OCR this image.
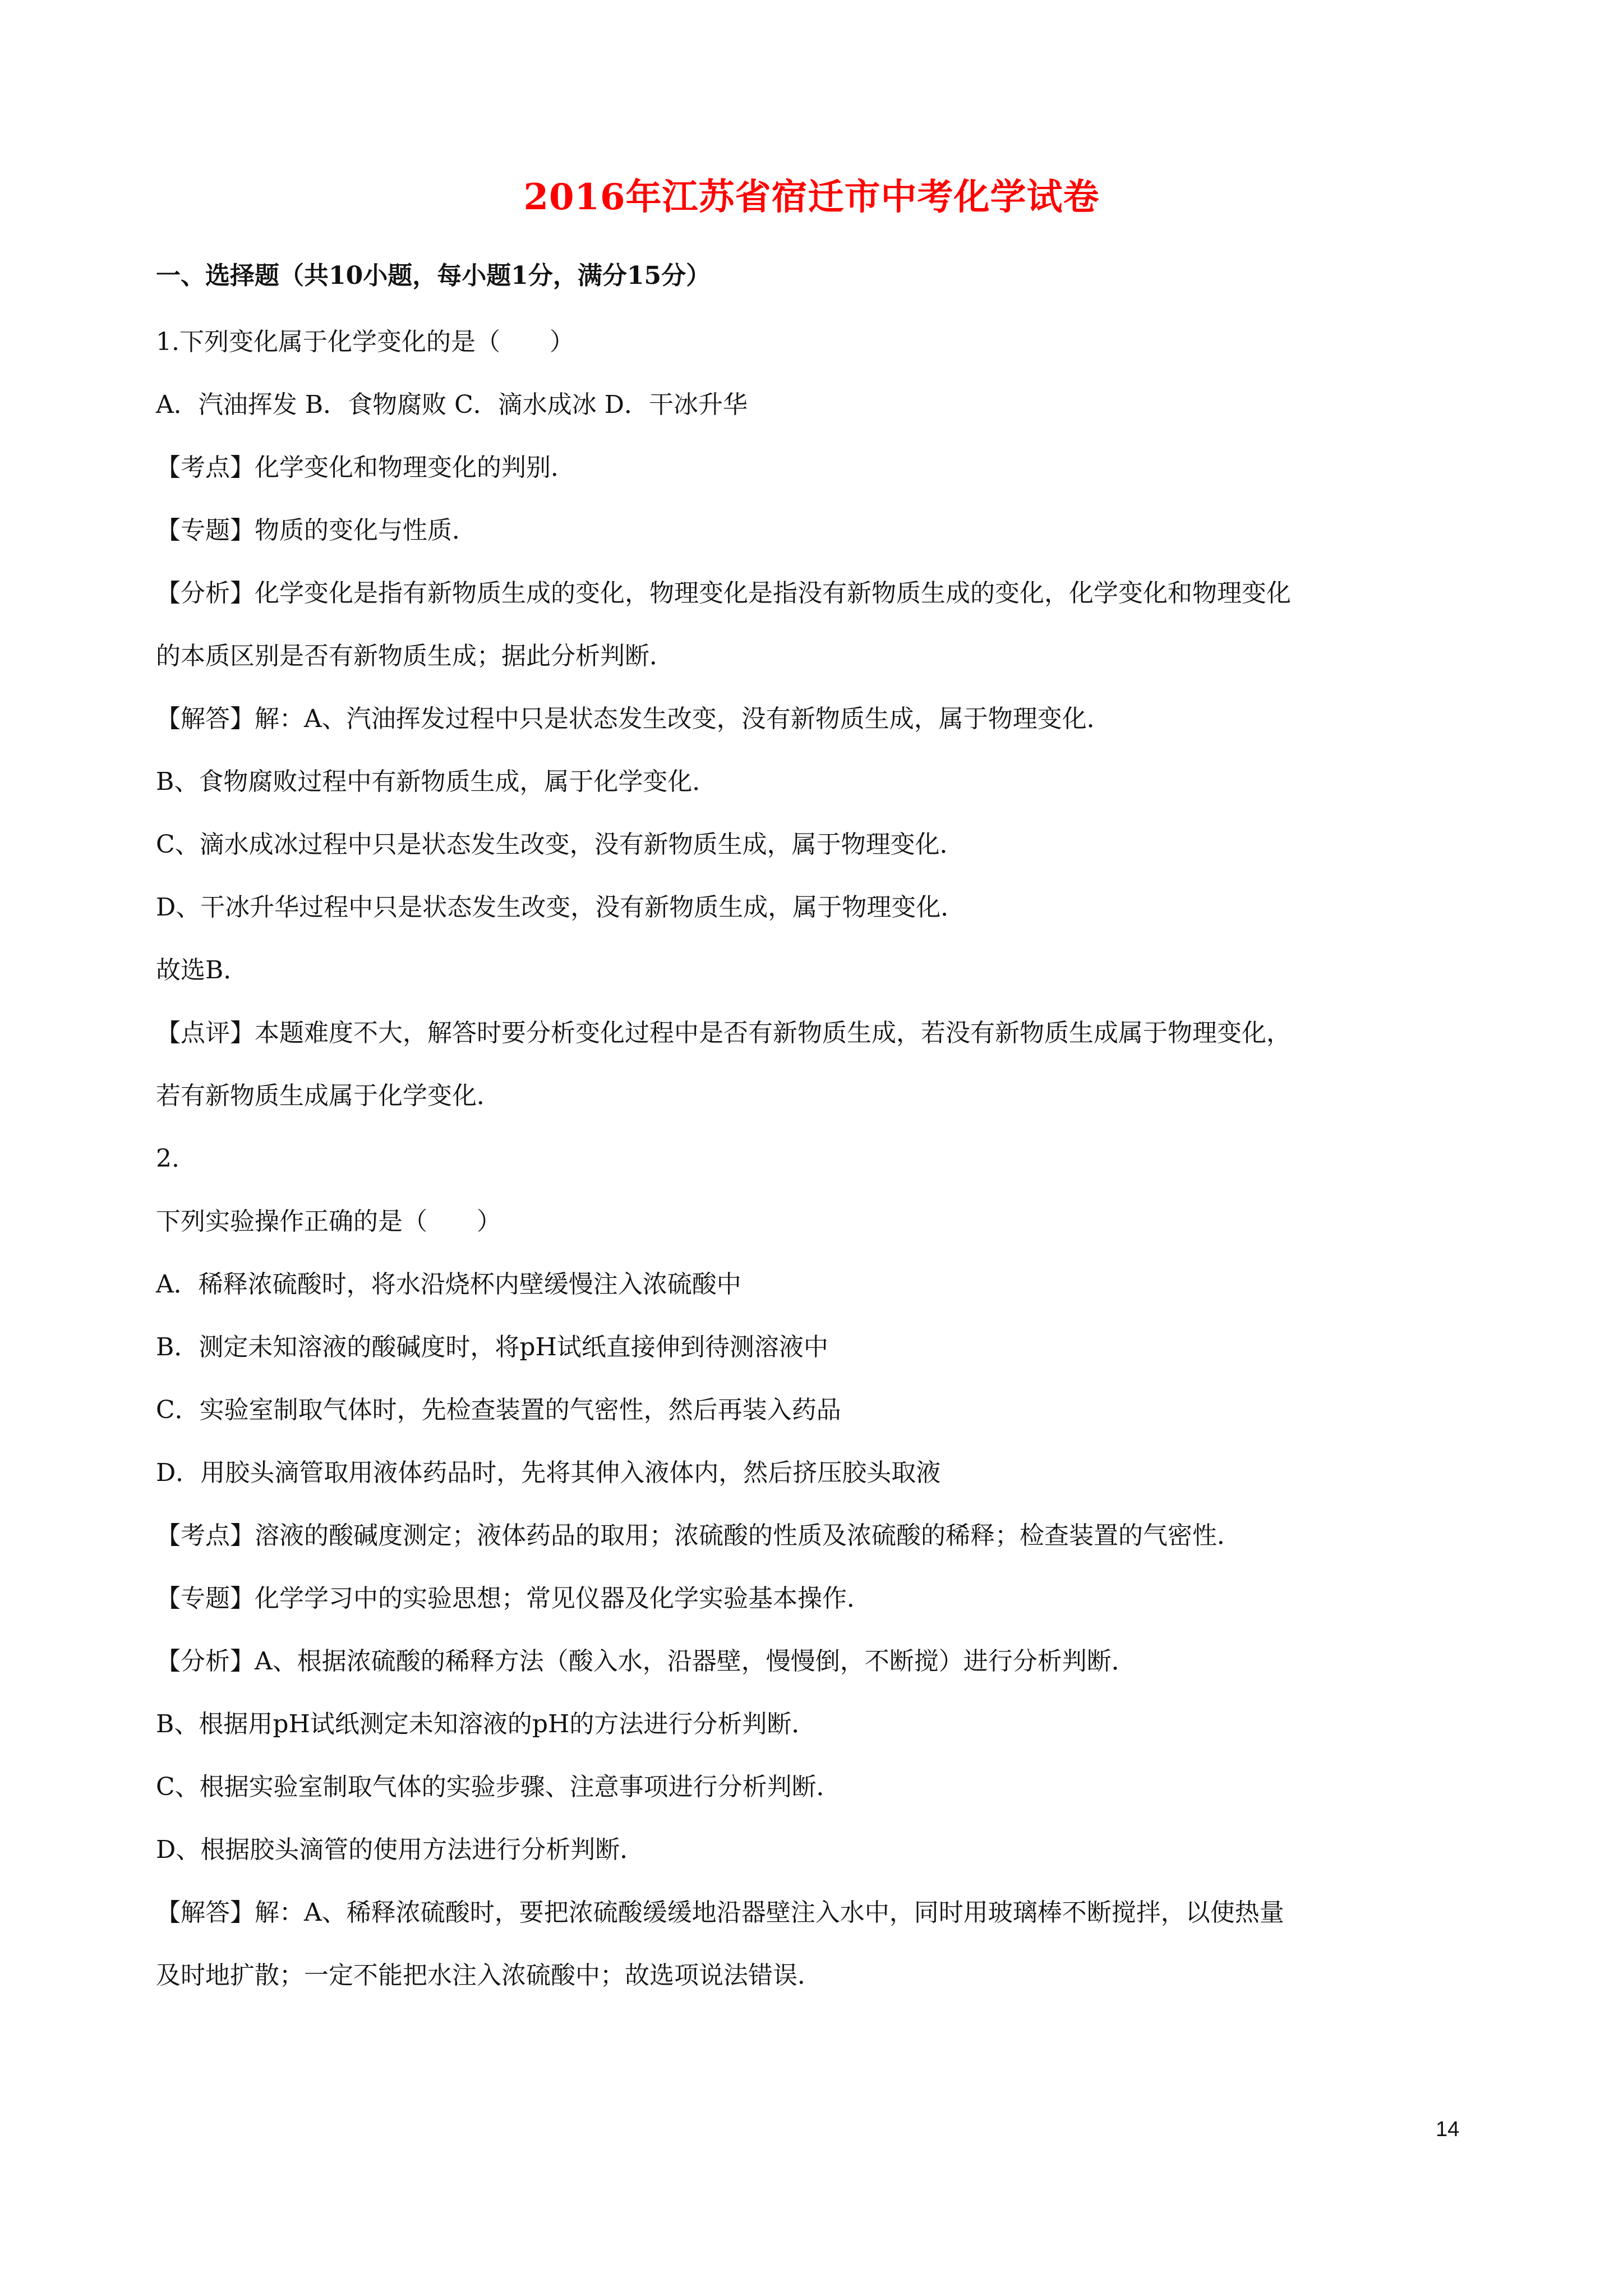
2016年江苏省宿迁市中考化学试卷
一、选择题（共10小题，每小题1分，满分15分）
1.下列变化属于化学变化的是（　　）
A．汽油挥发 B．食物腐败 C．滴水成冰 D．干冰升华
【考点】化学变化和物理变化的判别．
【专题】物质的变化与性质．
【分析】化学变化是指有新物质生成的变化，物理变化是指没有新物质生成的变化，化学变化和物理变化
的本质区别是否有新物质生成；据此分析判断．
【解答】解：A、汽油挥发过程中只是状态发生改变，没有新物质生成，属于物理变化．
B、食物腐败过程中有新物质生成，属于化学变化．
C、滴水成冰过程中只是状态发生改变，没有新物质生成，属于物理变化．
D、干冰升华过程中只是状态发生改变，没有新物质生成，属于物理变化．
故选B．
【点评】本题难度不大，解答时要分析变化过程中是否有新物质生成，若没有新物质生成属于物理变化，
若有新物质生成属于化学变化．
2.
下列实验操作正确的是（　　）
A．稀释浓硫酸时，将水沿烧杯内壁缓慢注入浓硫酸中
B．测定未知溶液的酸碱度时，将pH试纸直接伸到待测溶液中
C．实验室制取气体时，先检查装置的气密性，然后再装入药品
D．用胶头滴管取用液体药品时，先将其伸入液体内，然后挤压胶头取液
【考点】溶液的酸碱度测定；液体药品的取用；浓硫酸的性质及浓硫酸的稀释；检查装置的气密性．
【专题】化学学习中的实验思想；常见仪器及化学实验基本操作．
【分析】A、根据浓硫酸的稀释方法（酸入水，沿器壁，慢慢倒，不断搅）进行分析判断．
B、根据用pH试纸测定未知溶液的pH的方法进行分析判断．
C、根据实验室制取气体的实验步骤、注意事项进行分析判断．
D、根据胶头滴管的使用方法进行分析判断．
【解答】解：A、稀释浓硫酸时，要把浓硫酸缓缓地沿器壁注入水中，同时用玻璃棒不断搅拌，以使热量
及时地扩散；一定不能把水注入浓硫酸中；故选项说法错误．
14
